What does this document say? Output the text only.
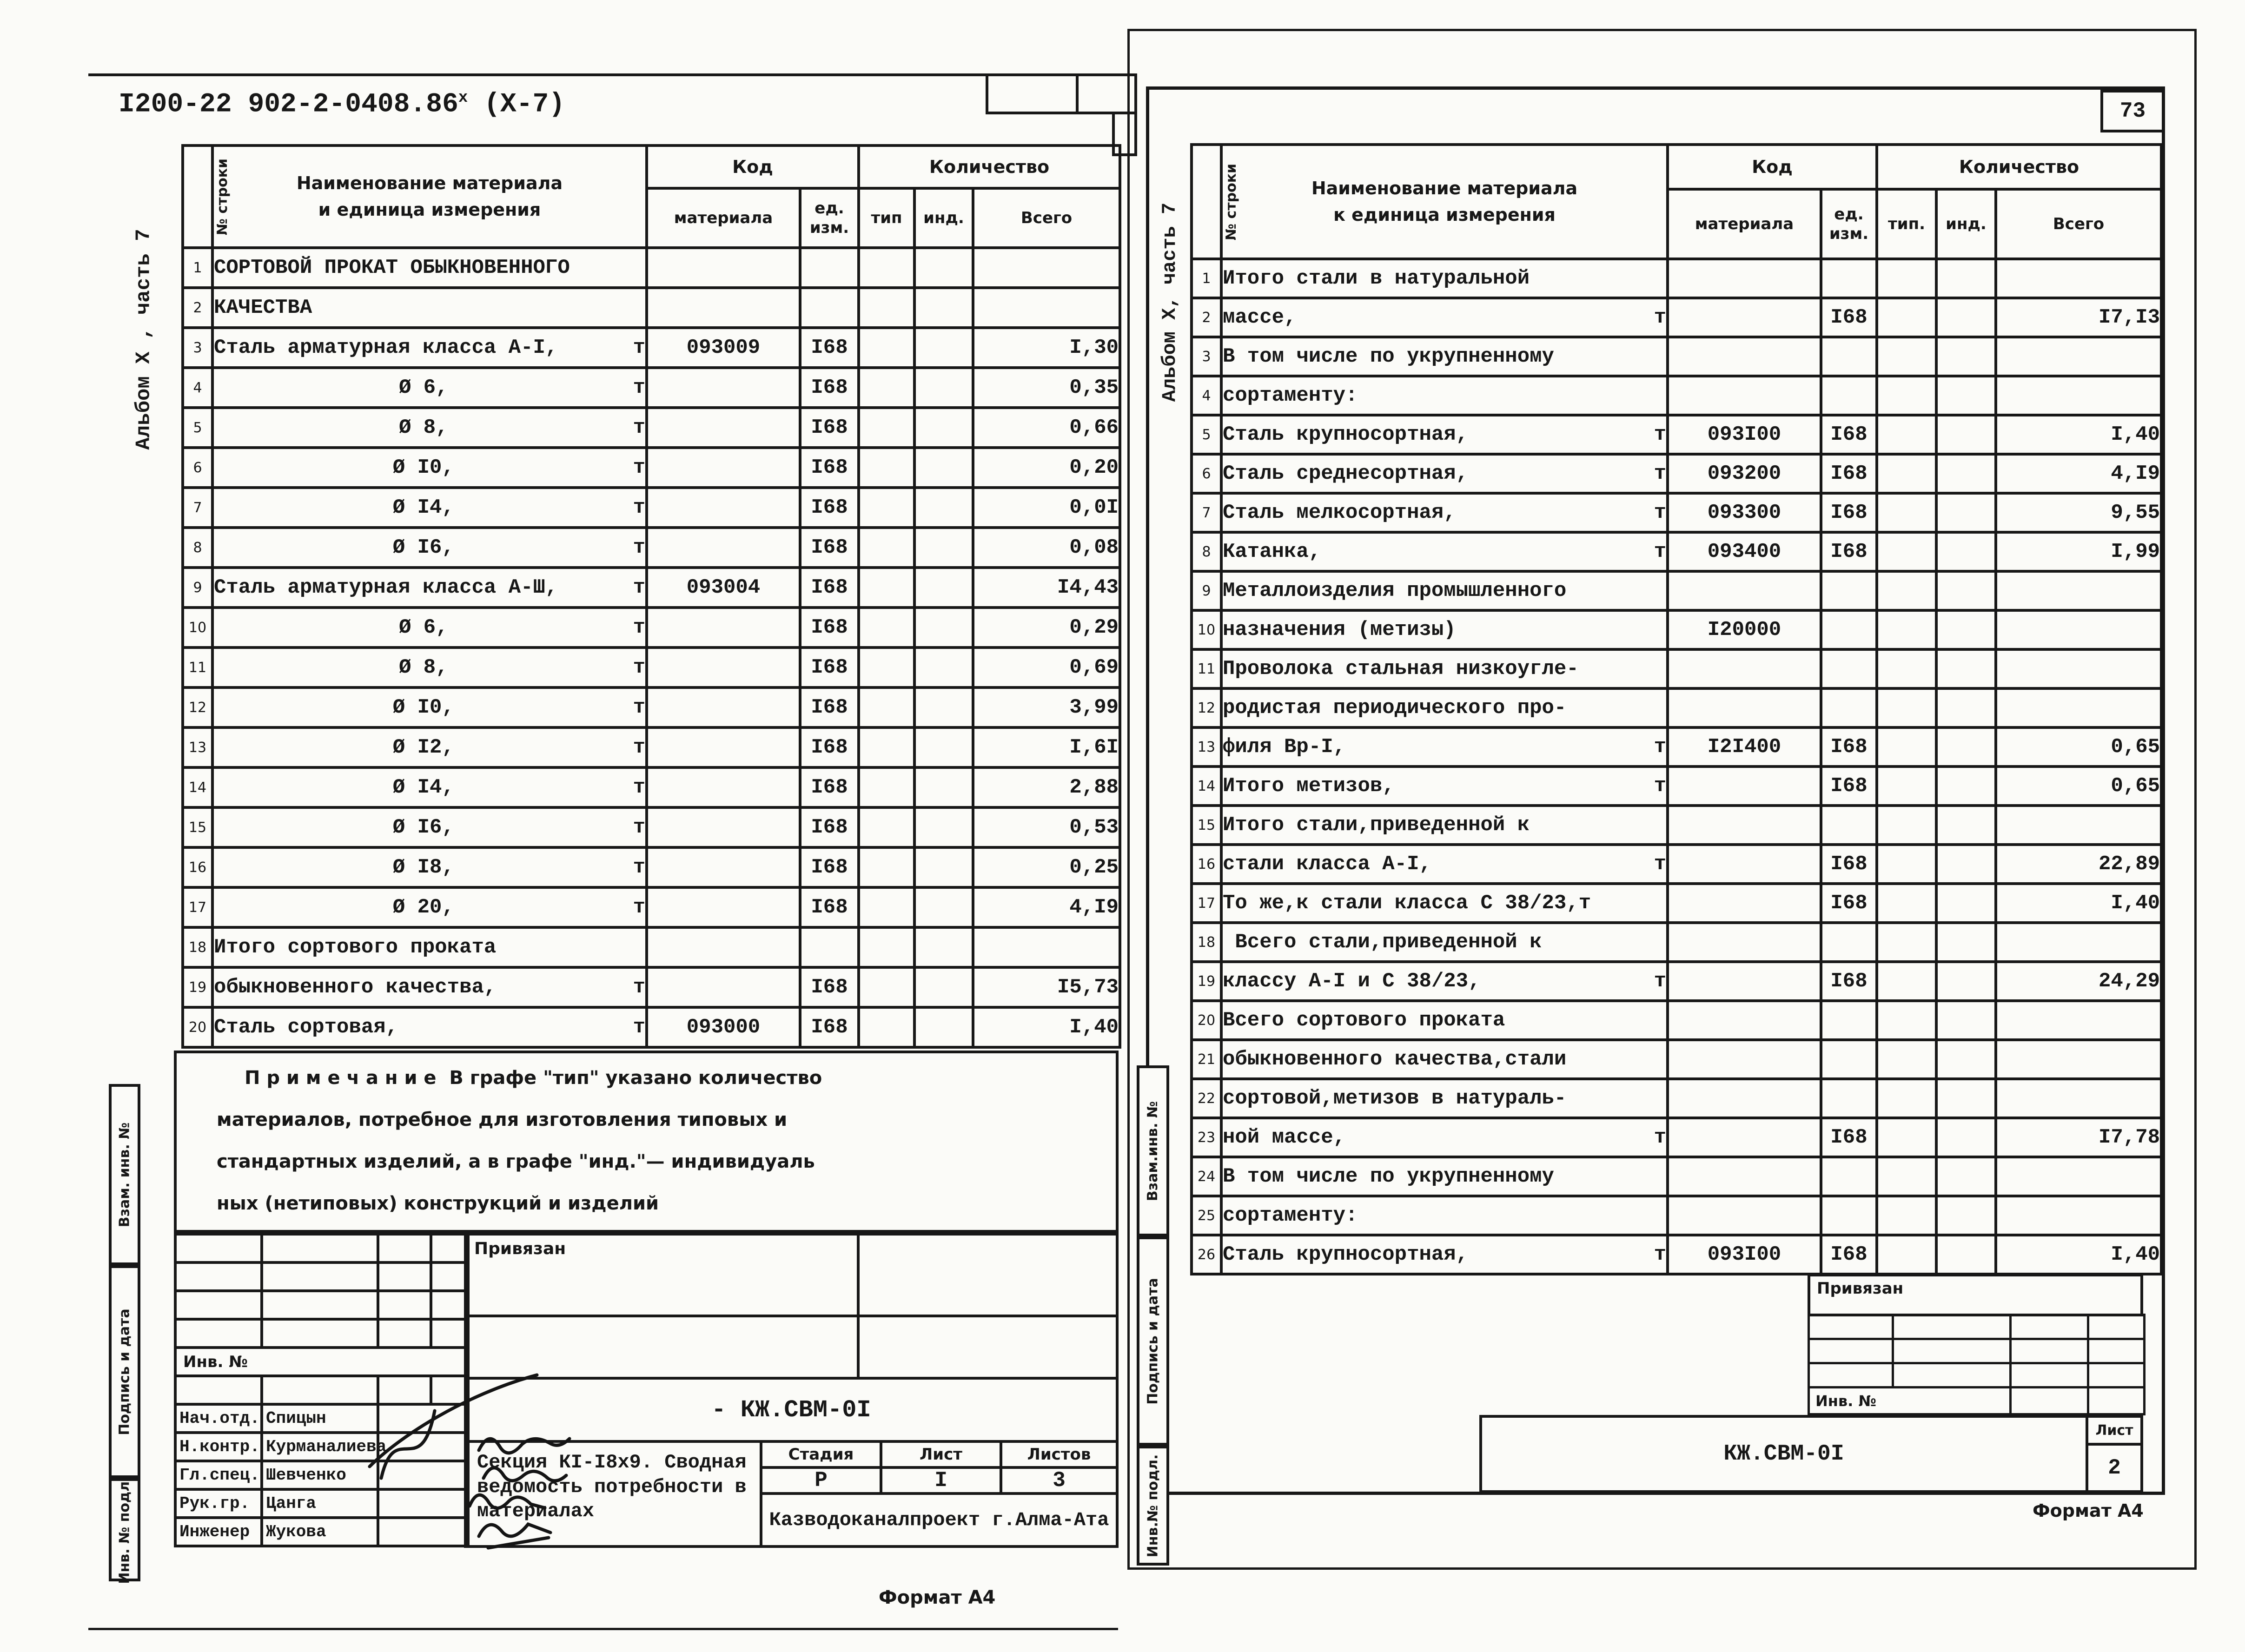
I200-22 $902-2-0408.86^х$ (Х-7)
Альбом X , часть 7
№ строки	Наименование материала
и единица измерения	Код		Количество		
		материала	ед.
изм.	тип	инд.	Всего
1	СОРТОВОЙ ПРОКАТ ОБЫКНОВЕННОГО					

2	КАЧЕСТВА					

3	Сталь арматурная класса А-I, т	093009	I68			I,30
4	Ø 6, т		I68			0,35
5	Ø 8, т		I68			0,66
6	Ø I0, т		I68			0,20
7	Ø I4, т		I68			0,0I
8	Ø I6, т		I68			0,08
9	Сталь арматурная класса А-Ш, т	093004	I68			I4,43
10	Ø 6, т		I68			0,29
11	Ø 8, т		I68			0,69
12	Ø I0, т		I68			3,99
13	Ø I2, т		I68			I,6I
14	Ø I4, т		I68			2,88
15	Ø I6, т		I68			0,53
16	Ø I8, т		I68			0,25
17	Ø 20, т		I68			4,I9
18	Итого сортового проката					

19	обыкновенного качества, т		I68			I5,73
20	Сталь сортовая, т	093000	I68			I,40
П р и м е ч а н и е  В графе "тип" указано количество
материалов, потребное для изготовления типовых и
стандартных изделий, а в графе "инд."— индивидуаль
ных (нетиповых) конструкций и изделий
Взам. инв. №
Подпись и дата
Инв. № подл.

Инв. №			

Нач.отд.	Спицын		
Н.контр.	Курманалиева		
Гл.спец.	Шевченко		
Рук.гр.	Цанга		
Инженер	Жукова		
Привязан
- КЖ.СВМ-0I
Секция КI-I8х9. Сводная ведомость потребности в материалах
Стадия	Лист	Листов
Р	I	3
Казводоканалпроект г.Алма-Ата
Формат А4
73
Альбом X, часть 7
№ строки	Наименование материала
к единица измерения	Код		Количество		
		материала	ед.
изм.	тип.	инд.	Всего
1	Итого стали в натуральной					

2	массе, т		I68			I7,I3
3	В том числе по укрупненному					

4	сортаменту:					

5	Сталь крупносортная, т	093I00	I68			I,40
6	Сталь среднесортная, т	093200	I68			4,I9
7	Сталь мелкосортная, т	093300	I68			9,55
8	Катанка, т	093400	I68			I,99
9	Металлоизделия промышленного					

10	назначения (метизы)	I20000				
11	Проволока стальная низкоугле-					

12	родистая периодического про-					

13	филя Вр-I, т	I2I400	I68			0,65
14	Итого метизов, т		I68			0,65
15	Итого стали,приведенной к					

16	стали класса А-I, т		I68			22,89
17	То же,к стали класса С 38/23,т		I68			I,40
18	Всего стали,приведенной к					

19	классу А-I и С 38/23, т		I68			24,29
20	Всего сортового проката					

21	обыкновенного качества,стали					

22	сортовой,метизов в натураль-					

23	ной массе, т		I68			I7,78
24	В том числе по укрупненному					

25	сортаменту:					

26	Сталь крупносортная, т	093I00	I68			I,40
Привязан

Инв. №			
КЖ.СВМ-0I
Лист
2
Взам.инв. №
Подпись и дата
Инв.№ подл.	Формат А4
